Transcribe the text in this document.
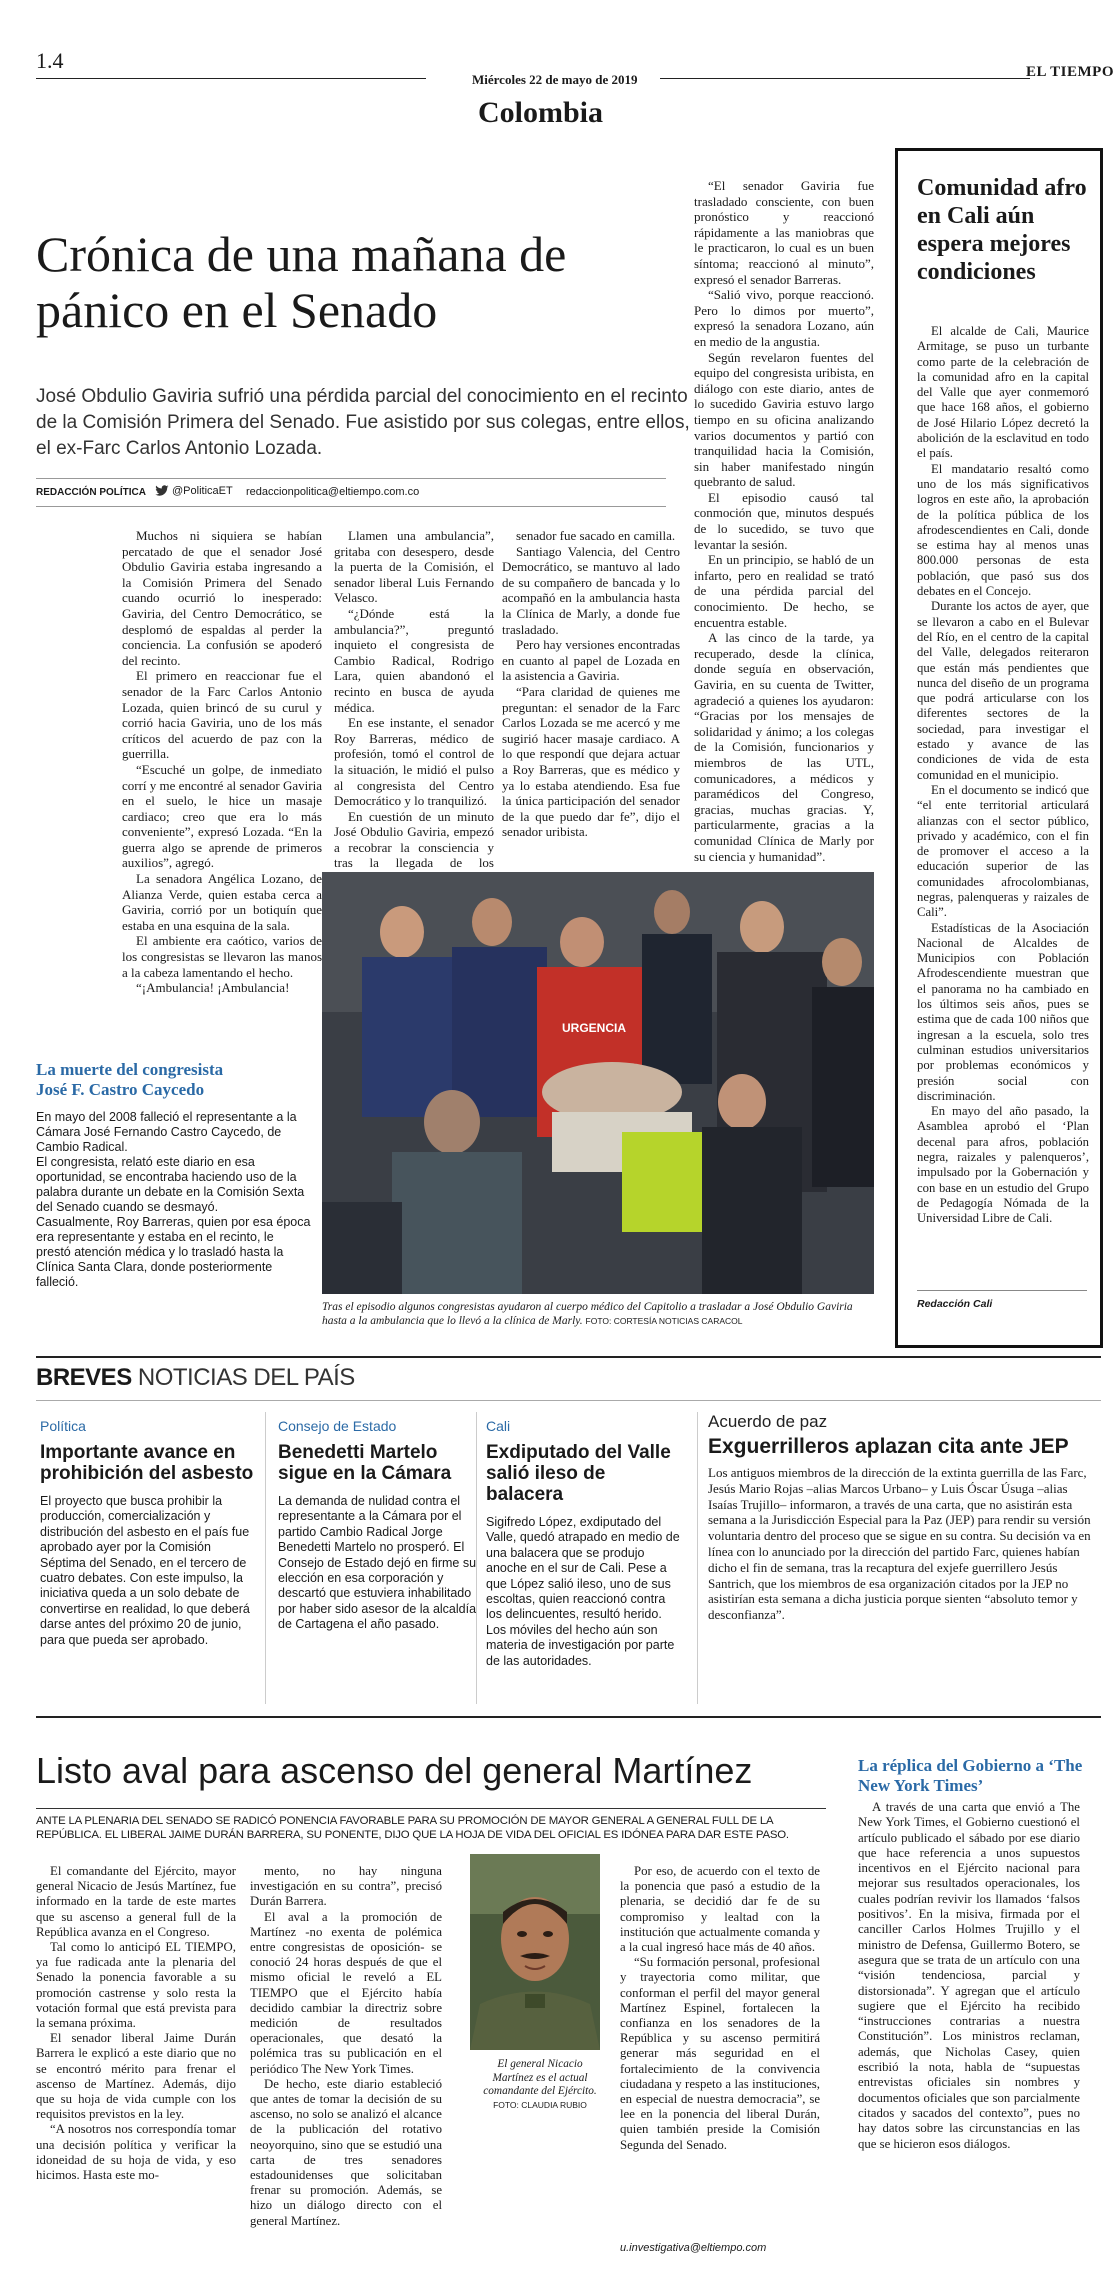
1.4
Miércoles 22 de mayo de 2019	EL TIEMPO
Colombia
Crónica de una mañana de pánico en el Senado
José Obdulio Gaviria sufrió una pérdida parcial del conocimiento en el recinto de la Comisión Primera del Senado. Fue asistido por sus colegas, entre ellos, el ex-Farc Carlos Antonio Lozada.
REDACCIÓN POLÍTICA @PoliticaET redaccionpolitica@eltiempo.com.co

Muchos ni siquiera se habían percatado de que el senador José Obdulio Gaviria estaba ingresando a la Comisión Primera del Senado cuando ocurrió lo inesperado: Gaviria, del Centro Democrático, se desplomó de espaldas al perder la conciencia. La confusión se apoderó del recinto.

El primero en reaccionar fue el senador de la Farc Carlos Antonio Lozada, quien brincó de su curul y corrió hacia Gaviria, uno de los más críticos del acuerdo de paz con la guerrilla.

“Escuché un golpe, de inmediato corrí y me encontré al senador Gaviria en el suelo, le hice un masaje cardiaco; creo que era lo más conveniente”, expresó Lozada. “En la guerra algo se aprende de primeros auxilios”, agregó.

La senadora Angélica Lozano, de Alianza Verde, quien estaba cerca a Gaviria, corrió por un botiquín que estaba en una esquina de la sala.

El ambiente era caótico, varios de los congresistas se llevaron las manos a la cabeza lamentando el hecho.

“¡Ambulancia! ¡Ambulancia!

Llamen una ambulancia”, gritaba con desespero, desde la puerta de la Comisión, el senador liberal Luis Fernando Velasco.

“¿Dónde está la ambulancia?”, preguntó inquieto el congresista de Cambio Radical, Rodrigo Lara, quien abandonó el recinto en busca de ayuda médica.

En ese instante, el senador Roy Barreras, médico de profesión, tomó el control de la situación, le midió el pulso al congresista del Centro Democrático y lo tranquilizó.

En cuestión de un minuto José Obdulio Gaviria, empezó a recobrar la consciencia y tras la llegada de los

senador fue sacado en camilla.

Santiago Valencia, del Centro Democrático, se mantuvo al lado de su compañero de bancada y lo acompañó en la ambulancia hasta la Clínica de Marly, a donde fue trasladado.

Pero hay versiones encontradas en cuanto al papel de Lozada en la asistencia a Gaviria.

“Para claridad de quienes me preguntan: el senador de la Farc Carlos Lozada se me acercó y me sugirió hacer masaje cardiaco. A lo que respondí que dejara actuar a Roy Barreras, que es médico y ya lo estaba atendiendo. Esa fue la única participación del senador de la que puedo dar fe”, dijo el senador uribista.

“El senador Gaviria fue trasladado consciente, con buen pronóstico y reaccionó rápidamente a las maniobras que le practicaron, lo cual es un buen síntoma; reaccionó al minuto”, expresó el senador Barreras.

“Salió vivo, porque reaccionó. Pero lo dimos por muerto”, expresó la senadora Lozano, aún en medio de la angustia.

Según revelaron fuentes del equipo del congresista uribista, en diálogo con este diario, antes de lo sucedido Gaviria estuvo largo tiempo en su oficina analizando varios documentos y partió con tranquilidad hacia la Comisión, sin haber manifestado ningún quebranto de salud.

El episodio causó tal conmoción que, minutos después de lo sucedido, se tuvo que levantar la sesión.

En un principio, se habló de un infarto, pero en realidad se trató de una pérdida parcial del conocimiento. De hecho, se encuentra estable.

A las cinco de la tarde, ya recuperado, desde la clínica, donde seguía en observación, Gaviria, en su cuenta de Twitter, agradeció a quienes los ayudaron: “Gracias por los mensajes de solidaridad y ánimo; a los colegas de la Comisión, funcionarios y miembros de las UTL, comunicadores, a médicos y paramédicos del Congreso, gracias, muchas gracias. Y, particularmente, gracias a la comunidad Clínica de Marly por su ciencia y humanidad”.

La muerte del congresista José F. Castro Caycedo

En mayo del 2008 falleció el representante a la Cámara José Fernando Castro Caycedo, de Cambio Radical.

El congresista, relató este diario en esa oportunidad, se encontraba haciendo uso de la palabra durante un debate en la Comisión Sexta del Senado cuando se desmayó.

Casualmente, Roy Barreras, quien por esa época era representante y estaba en el recinto, le prestó atención médica y lo trasladó hasta la Clínica Santa Clara, donde posteriormente falleció.

URGENCIA
Tras el episodio algunos congresistas ayudaron al cuerpo médico del Capitolio a trasladar a José Obdulio Gaviria hasta a la ambulancia que lo llevó a la clínica de Marly. FOTO: CORTESÍA NOTICIAS CARACOL
Comunidad afro en Cali aún espera mejores condiciones

El alcalde de Cali, Maurice Armitage, se puso un turbante como parte de la celebración de la comunidad afro en la capital del Valle que ayer conmemoró que hace 168 años, el gobierno de José Hilario López decretó la abolición de la esclavitud en todo el país.

El mandatario resaltó como uno de los más significativos logros en este año, la aprobación de la política pública de los afrodescendientes en Cali, donde se estima hay al menos unas 800.000 personas de esta población, que pasó sus dos debates en el Concejo.

Durante los actos de ayer, que se llevaron a cabo en el Bulevar del Río, en el centro de la capital del Valle, delegados reiteraron que están más pendientes que nunca del diseño de un programa que podrá articularse con los diferentes sectores de la sociedad, para investigar el estado y avance de las condiciones de vida de esta comunidad en el municipio.

En el documento se indicó que “el ente territorial articulará alianzas con el sector público, privado y académico, con el fin de promover el acceso a la educación superior de las comunidades afrocolombianas, negras, palenqueras y raizales de Cali”.

Estadísticas de la Asociación Nacional de Alcaldes de Municipios con Población Afrodescendiente muestran que el panorama no ha cambiado en los últimos seis años, pues se estima que de cada 100 niños que ingresan a la escuela, solo tres culminan estudios universitarios por problemas económicos y presión social con discriminación.

En mayo del año pasado, la Asamblea aprobó el ‘Plan decenal para afros, población negra, raizales y palenqueros’, impulsado por la Gobernación y con base en un estudio del Grupo de Pedagogía Nómada de la Universidad Libre de Cali.

Redacción Cali
BREVES NOTICIAS DEL PAÍS
Política
Importante avance en prohibición del asbesto
El proyecto que busca prohibir la producción, comercialización y distribución del asbesto en el país fue aprobado ayer por la Comisión Séptima del Senado, en el tercero de cuatro debates. Con este impulso, la iniciativa queda a un solo debate de convertirse en realidad, lo que deberá darse antes del próximo 20 de junio, para que pueda ser aprobado.
Consejo de Estado
Benedetti Martelo sigue en la Cámara
La demanda de nulidad contra el representante a la Cámara por el partido Cambio Radical Jorge Benedetti Martelo no prosperó. El Consejo de Estado dejó en firme su elección en esa corporación y descartó que estuviera inhabilitado por haber sido asesor de la alcaldía de Cartagena el año pasado.
Cali
Exdiputado del Valle salió ileso de balacera
Sigifredo López, exdiputado del Valle, quedó atrapado en medio de una balacera que se produjo anoche en el sur de Cali. Pese a que López salió ileso, uno de sus escoltas, quien reaccionó contra los delincuentes, resultó herido. Los móviles del hecho aún son materia de investigación por parte de las autoridades.
Acuerdo de paz
Exguerrilleros aplazan cita ante JEP
Los antiguos miembros de la dirección de la extinta guerrilla de las Farc, Jesús Mario Rojas –alias Marcos Urbano– y Luis Óscar Úsuga –alias Isaías Trujillo– informaron, a través de una carta, que no asistirán esta semana a la Jurisdicción Especial para la Paz (JEP) para rendir su versión voluntaria dentro del proceso que se sigue en su contra. Su decisión va en línea con lo anunciado por la dirección del partido Farc, quienes habían dicho el fin de semana, tras la recaptura del exjefe guerrillero Jesús Santrich, que los miembros de esa organización citados por la JEP no asistirían esta semana a dicha justicia porque sienten “absoluto temor y desconfianza”.
Listo aval para ascenso del general Martínez
ANTE LA PLENARIA DEL SENADO SE RADICÓ PONENCIA FAVORABLE PARA SU PROMOCIÓN DE MAYOR GENERAL A GENERAL FULL DE LA REPÚBLICA. EL LIBERAL JAIME DURÁN BARRERA, SU PONENTE, DIJO QUE LA HOJA DE VIDA DEL OFICIAL ES IDÓNEA PARA DAR ESTE PASO.

El comandante del Ejército, mayor general Nicacio de Jesús Martínez, fue informado en la tarde de este martes que su ascenso a general full de la República avanza en el Congreso.

Tal como lo anticipó EL TIEMPO, ya fue radicada ante la plenaria del Senado la ponencia favorable a su promoción castrense y solo resta la votación formal que está prevista para la semana próxima.

El senador liberal Jaime Durán Barrera le explicó a este diario que no se encontró mérito para frenar el ascenso de Martínez. Además, dijo que su hoja de vida cumple con los requisitos previstos en la ley.

“A nosotros nos correspondía tomar una decisión política y verificar la idoneidad de su hoja de vida, y eso hicimos. Hasta este mo-

mento, no hay ninguna investigación en su contra”, precisó Durán Barrera.

El aval a la promoción de Martínez -no exenta de polémica entre congresistas de oposición- se conoció 24 horas después de que el mismo oficial le reveló a EL TIEMPO que el Ejército había decidido cambiar la directriz sobre medición de resultados operacionales, que desató la polémica tras su publicación en el periódico The New York Times.

De hecho, este diario estableció que antes de tomar la decisión de su ascenso, no solo se analizó el alcance de la publicación del rotativo neoyorquino, sino que se estudió una carta de tres senadores estadounidenses que solicitaban frenar su promoción. Además, se hizo un diálogo directo con el general Martínez.

El general Nicacio Martínez es el actual comandante del Ejército. FOTO: CLAUDIA RUBIO

Por eso, de acuerdo con el texto de la ponencia que pasó a estudio de la plenaria, se decidió dar fe de su compromiso y lealtad con la institución que actualmente comanda y a la cual ingresó hace más de 40 años.

“Su formación personal, profesional y trayectoria como militar, que conforman el perfil del mayor general Martínez Espinel, fortalecen la confianza en los senadores de la República y su ascenso permitirá generar más seguridad en el fortalecimiento de la convivencia ciudadana y respeto a las instituciones, en especial de nuestra democracia”, se lee en la ponencia del liberal Durán, quien también preside la Comisión Segunda del Senado.

u.investigativa@eltiempo.com
La réplica del Gobierno a ‘The New York Times’

A través de una carta que envió a The New York Times, el Gobierno cuestionó el artículo publicado el sábado por ese diario que hace referencia a unos supuestos incentivos en el Ejército nacional para mejorar sus resultados operacionales, los cuales podrían revivir los llamados ‘falsos positivos’. En la misiva, firmada por el canciller Carlos Holmes Trujillo y el ministro de Defensa, Guillermo Botero, se asegura que se trata de un artículo con una “visión tendenciosa, parcial y distorsionada”. Y agregan que el artículo sugiere que el Ejército ha recibido “instrucciones contrarias a nuestra Constitución”. Los ministros reclaman, además, que Nicholas Casey, quien escribió la nota, habla de “supuestas entrevistas oficiales sin nombres y documentos oficiales que son parcialmente citados y sacados del contexto”, pues no hay datos sobre las circunstancias en las que se hicieron esos diálogos.
